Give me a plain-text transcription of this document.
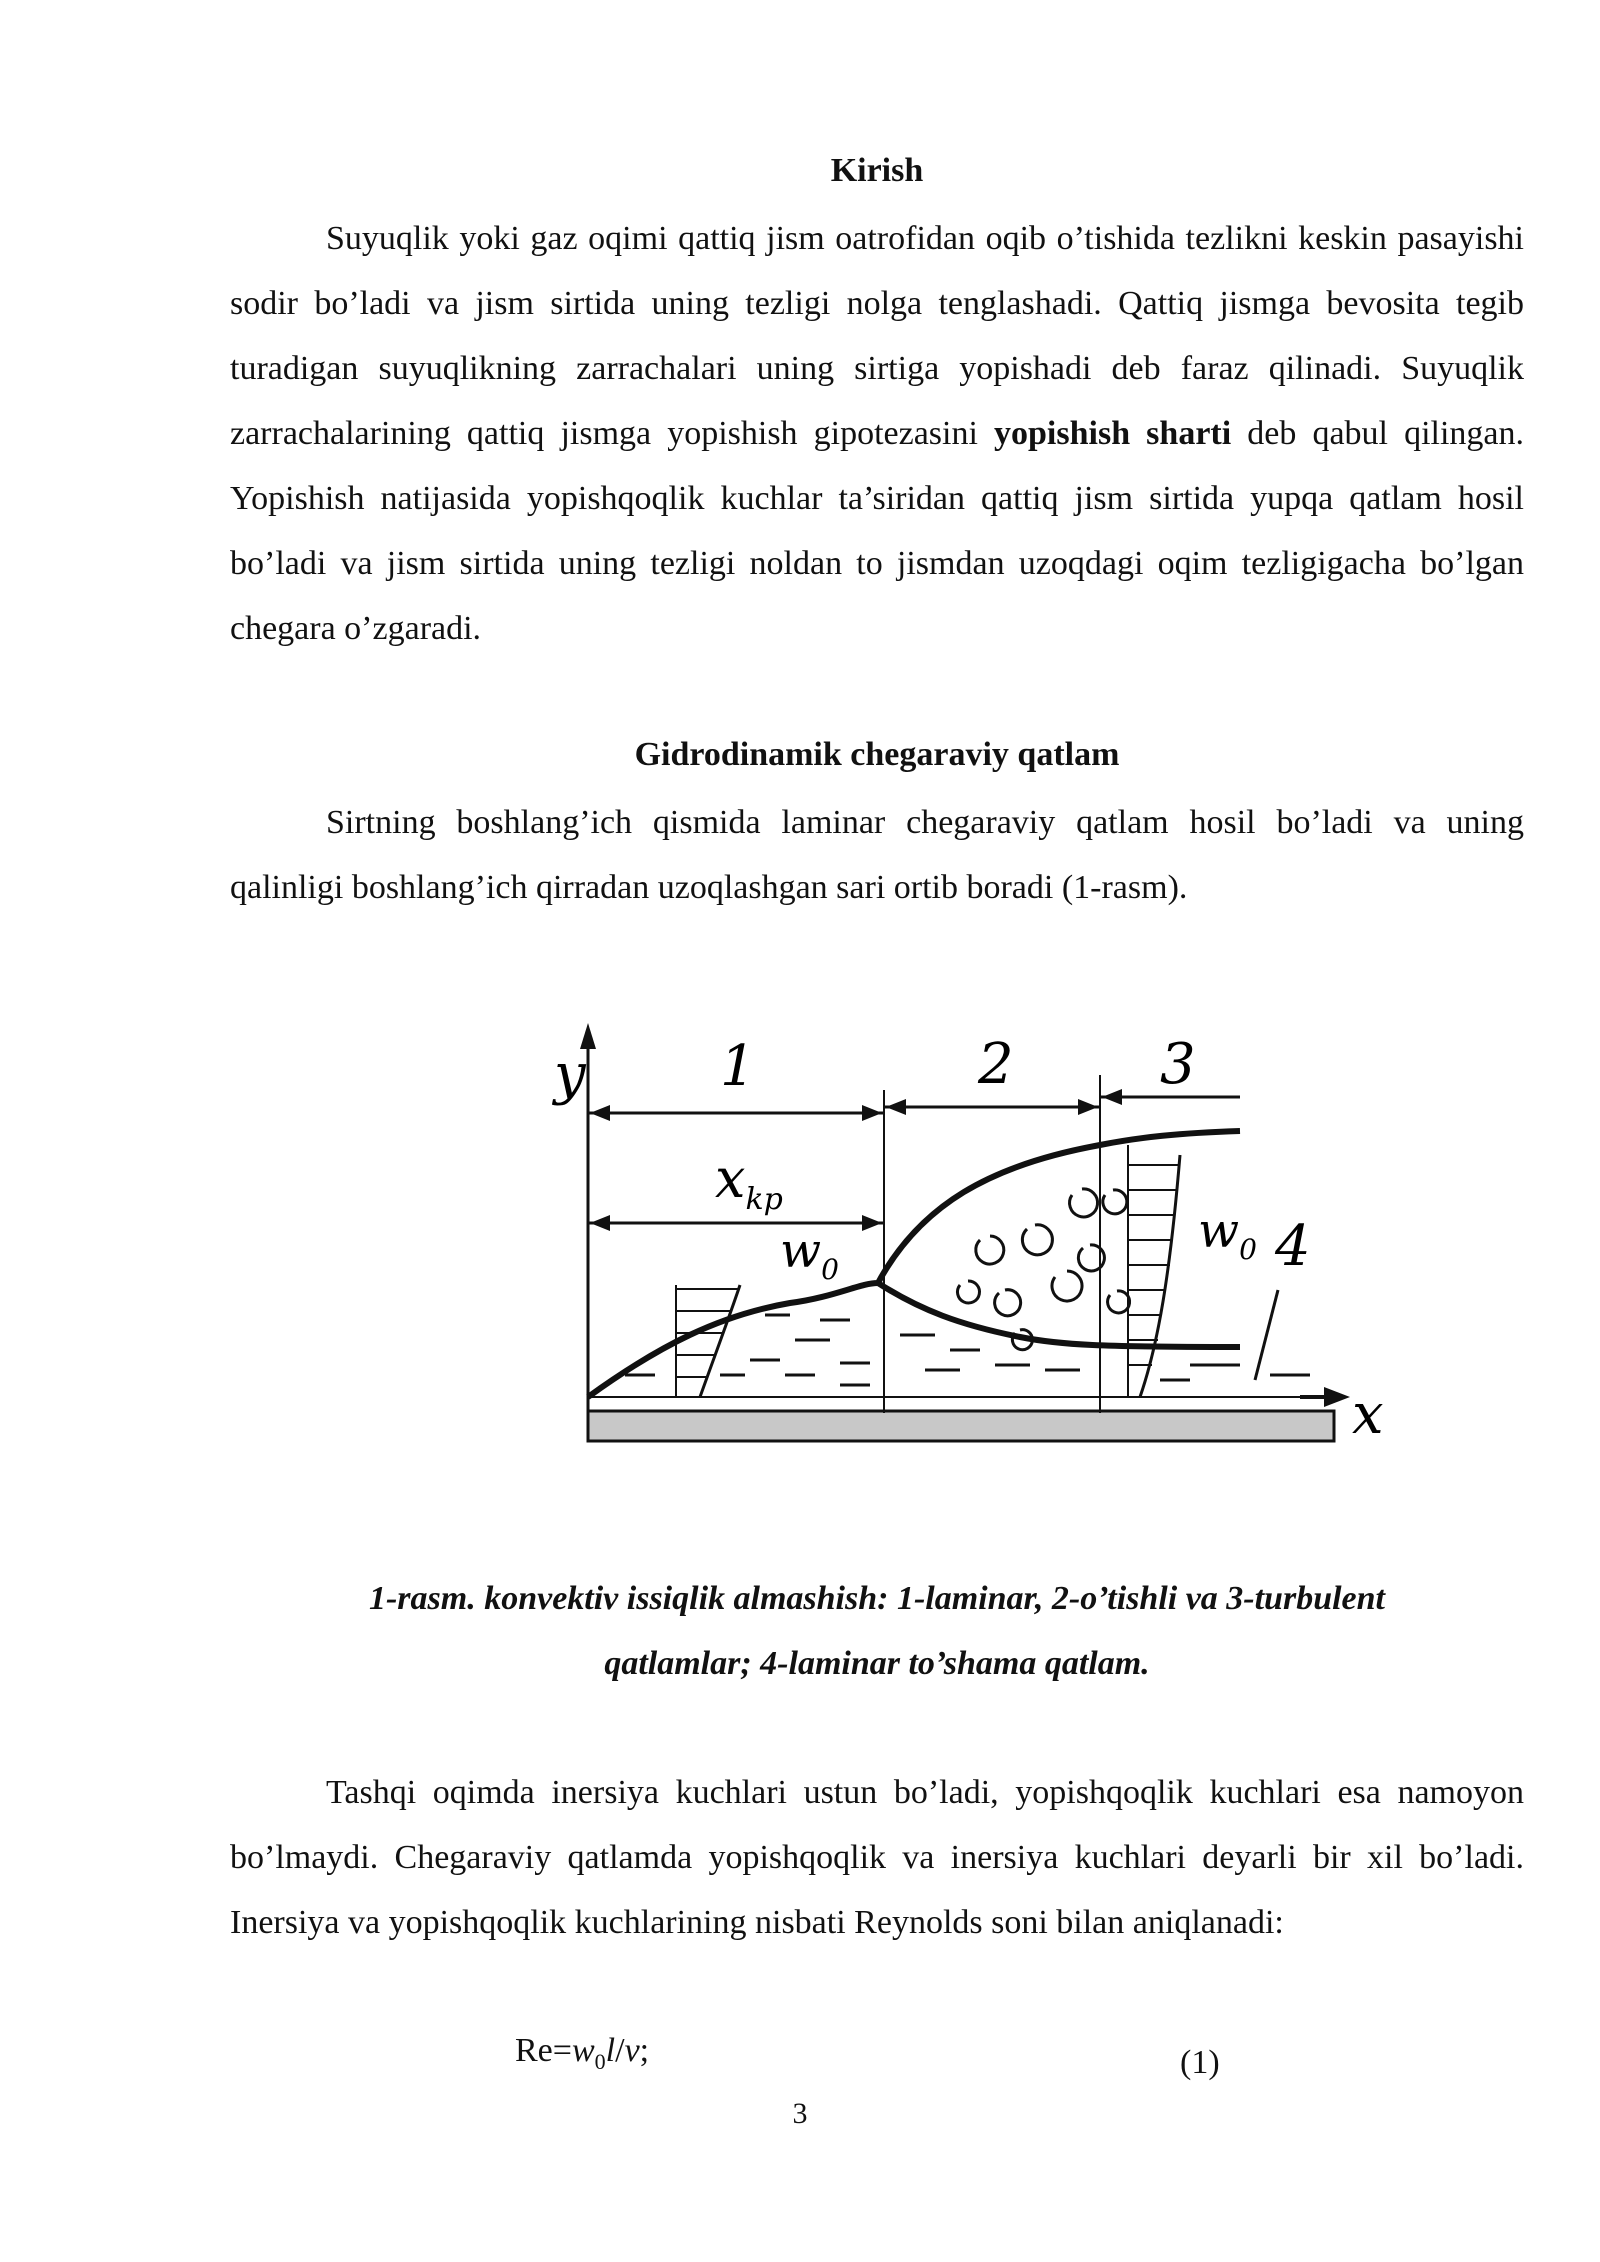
Kirish

Suyuqlik yoki gaz oqimi qattiq jism oatrofidan oqib o’tishida tezlikni keskin pasayishi sodir bo’ladi va jism sirtida uning tezligi nolga tenglashadi. Qattiq jismga bevosita tegib turadigan suyuqlikning zarrachalari uning sirtiga yopishadi deb faraz qilinadi. Suyuqlik zarrachalarining qattiq jismga yopishish gipotezasini yopishish sharti deb qabul qilingan. Yopishish natijasida yopishqoqlik kuchlar ta’siridan qattiq jism sirtida yupqa qatlam hosil bo’ladi va jism sirtida uning tezligi noldan to jismdan uzoqdagi oqim tezligigacha bo’lgan chegara o’zgaradi.

Gidrodinamik chegaraviy qatlam

Sirtning boshlang’ich qismida laminar chegaraviy qatlam hosil bo’ladi va uning qalinligi boshlang’ich qirradan uzoqlashgan sari ortib boradi (1-rasm).

y
x
1	2	3
4
$x_{kp}$
$w_0$
$w_0$

1-rasm. konvektiv issiqlik almashish: 1-laminar, 2-o’tishli va 3-turbulent

qatlamlar; 4-laminar to’shama qatlam.

Tashqi oqimda inersiya kuchlari ustun bo’ladi, yopishqoqlik kuchlari esa namoyon bo’lmaydi. Chegaraviy qatlamda yopishqoqlik va inersiya kuchlari deyarli bir xil bo’ladi. Inersiya va yopishqoqlik kuchlarining nisbati Reynolds soni bilan aniqlanadi:

$Re=w_0l/v$;	(1)
3
